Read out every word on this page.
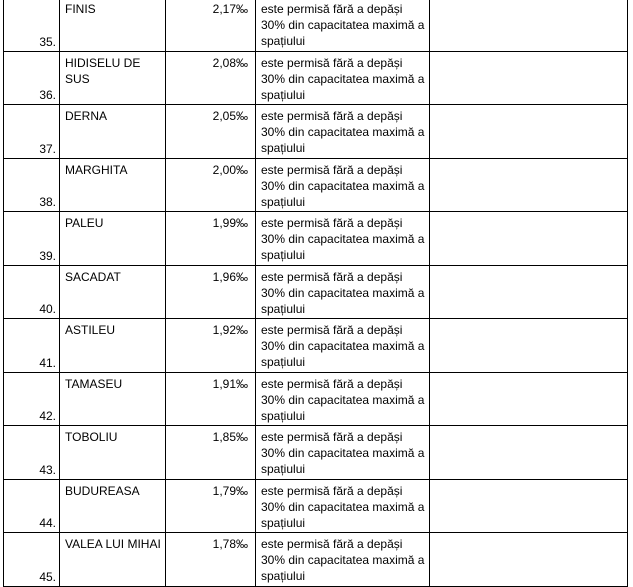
35.	FINIS	2,17‰	este permisă fără a depăși 30% din capacitatea maximă a spațiului	

36.	HIDISELU DE SUS	2,08‰	este permisă fără a depăși 30% din capacitatea maximă a spațiului	

37.	DERNA	2,05‰	este permisă fără a depăși 30% din capacitatea maximă a spațiului	

38.	MARGHITA	2,00‰	este permisă fără a depăși 30% din capacitatea maximă a spațiului	

39.	PALEU	1,99‰	este permisă fără a depăși 30% din capacitatea maximă a spațiului	

40.	SACADAT	1,96‰	este permisă fără a depăși 30% din capacitatea maximă a spațiului	

41.	ASTILEU	1,92‰	este permisă fără a depăși 30% din capacitatea maximă a spațiului	

42.	TAMASEU	1,91‰	este permisă fără a depăși 30% din capacitatea maximă a spațiului	

43.	TOBOLIU	1,85‰	este permisă fără a depăși 30% din capacitatea maximă a spațiului	

44.	BUDUREASA	1,79‰	este permisă fără a depăși 30% din capacitatea maximă a spațiului	

45.	VALEA LUI MIHAI	1,78‰	este permisă fără a depăși 30% din capacitatea maximă a spațiului	
